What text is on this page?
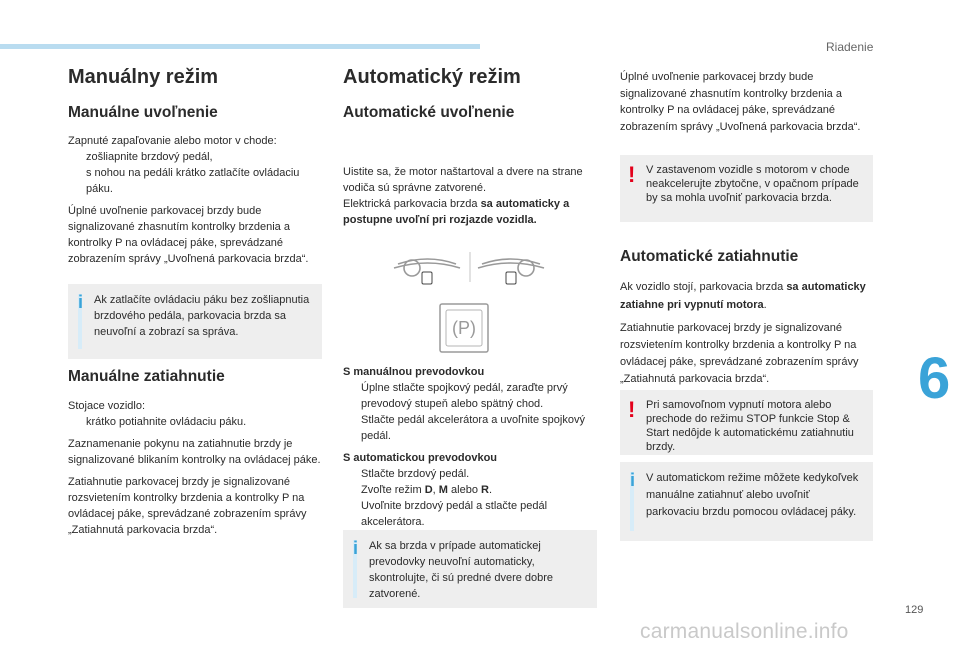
Riadenie
6
129
carmanualsonline.info
Manuálny režim
Manuálne uvoľnenie

Zapnuté zapaľovanie alebo motor v chode:

zošliapnite brzdový pedál,
s nohou na pedáli krátko zatlačíte ovládaciu páku.

Úplné uvoľnenie parkovacej brzdy bude signalizované zhasnutím kontrolky brzdenia a kontrolky P na ovládacej páke, sprevádzané zobrazením správy „Uvoľnená parkovacia brzda“.

i Ak zatlačíte ovládaciu páku bez zošliapnutia brzdového pedála, parkovacia brzda sa neuvoľní a zobrazí sa správa.
Manuálne zatiahnutie

Stojace vozidlo:

krátko potiahnite ovládaciu páku.

Zaznamenanie pokynu na zatiahnutie brzdy je signalizované blikaním kontrolky na ovládacej páke.

Zatiahnutie parkovacej brzdy je signalizované rozsvietením kontrolky brzdenia a kontrolky P na ovládacej páke, sprevádzané zobrazením správy „Zatiahnutá parkovacia brzda“.

Automatický režim
Automatické uvoľnenie

Uistite sa, že motor naštartoval a dvere na strane vodiča sú správne zatvorené.

Elektrická parkovacia brzda sa automaticky a postupne uvoľní pri rozjazde vozidla.

(P)

S manuálnou prevodovkou

Úplne stlačte spojkový pedál, zaraďte prvý prevodový stupeň alebo spätný chod.
Stlačte pedál akcelerátora a uvoľnite spojkový pedál.

S automatickou prevodovkou

Stlačte brzdový pedál.
Zvoľte režim D, M alebo R.
Uvoľnite brzdový pedál a stlačte pedál akcelerátora.
i Ak sa brzda v prípade automatickej prevodovky neuvoľní automaticky, skontrolujte, či sú predné dvere dobre zatvorené.

Úplné uvoľnenie parkovacej brzdy bude signalizované zhasnutím kontrolky brzdenia a kontrolky P na ovládacej páke, sprevádzané zobrazením správy „Uvoľnená parkovacia brzda“.

! V zastavenom vozidle s motorom v chode neakcelerujte zbytočne, v opačnom prípade by sa mohla uvoľniť parkovacia brzda.
Automatické zatiahnutie

Ak vozidlo stojí, parkovacia brzda sa automaticky zatiahne pri vypnutí motora.

Zatiahnutie parkovacej brzdy je signalizované rozsvietením kontrolky brzdenia a kontrolky P na ovládacej páke, sprevádzané zobrazením správy „Zatiahnutá parkovacia brzda“.

! Pri samovoľnom vypnutí motora alebo prechode do režimu STOP funkcie Stop & Start nedôjde k automatickému zatiahnutiu brzdy.
i V automatickom režime môžete kedykoľvek manuálne zatiahnuť alebo uvoľniť parkovaciu brzdu pomocou ovládacej páky.
